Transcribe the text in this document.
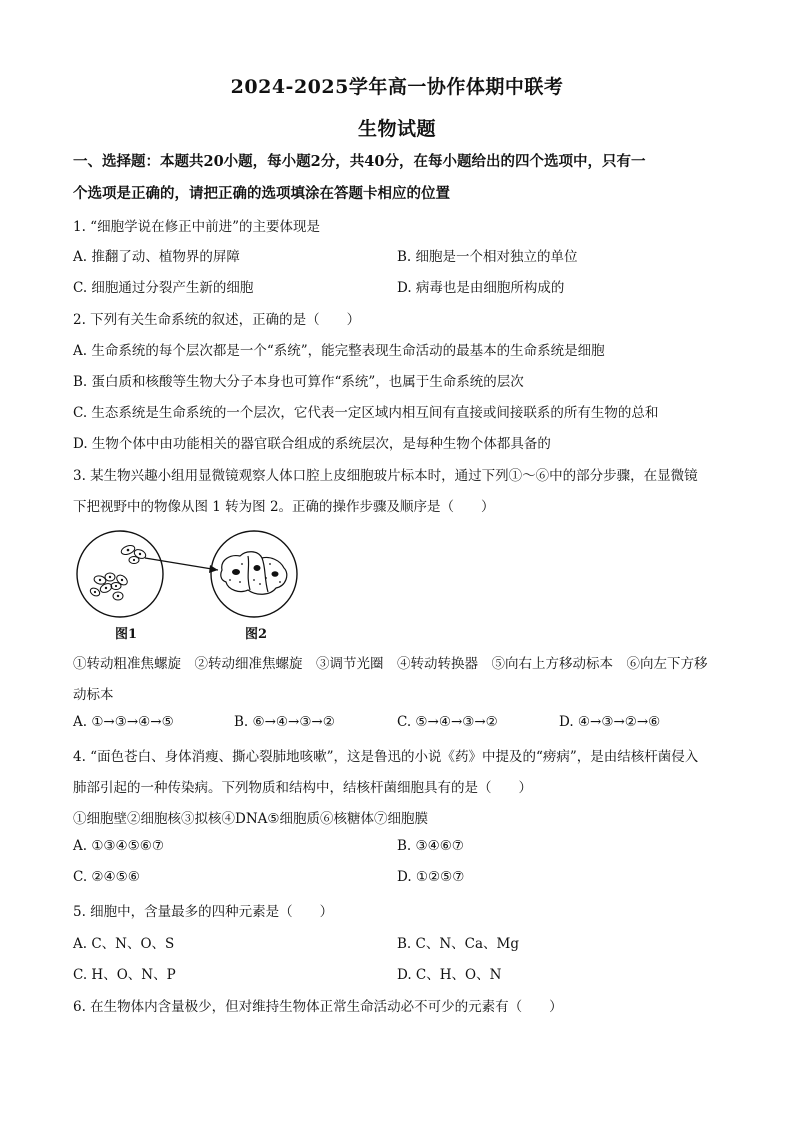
2024-2025学年高一协作体期中联考
生物试题
一、选择题：本题共20小题，每小题2分，共40分，在每小题给出的四个选项中，只有一
个选项是正确的，请把正确的选项填涂在答题卡相应的位置
1. “细胞学说在修正中前进”的主要体现是
A. 推翻了动、植物界的屏障	B. 细胞是一个相对独立的单位
C. 细胞通过分裂产生新的细胞	D. 病毒也是由细胞所构成的
2. 下列有关生命系统的叙述，正确的是（　　）
A. 生命系统的每个层次都是一个“系统”，能完整表现生命活动的最基本的生命系统是细胞
B. 蛋白质和核酸等生物大分子本身也可算作“系统”，也属于生命系统的层次
C. 生态系统是生命系统的一个层次，它代表一定区域内相互间有直接或间接联系的所有生物的总和
D. 生物个体中由功能相关的器官联合组成的系统层次，是每种生物个体都具备的
3. 某生物兴趣小组用显微镜观察人体口腔上皮细胞玻片标本时，通过下列①～⑥中的部分步骤，在显微镜
下把视野中的物像从图 1 转为图 2。正确的操作步骤及顺序是（　　）
图1	图2
①转动粗准焦螺旋　②转动细准焦螺旋　③调节光圈　④转动转换器　⑤向右上方移动标本　⑥向左下方移
动标本
A. ①→③→④→⑤	B. ⑥→④→③→②	C. ⑤→④→③→②	D. ④→③→②→⑥
4. “面色苍白、身体消瘦、撕心裂肺地咳嗽”，这是鲁迅的小说《药》中提及的“痨病”，是由结核杆菌侵入
肺部引起的一种传染病。下列物质和结构中，结核杆菌细胞具有的是（　　）
①细胞壁②细胞核③拟核④DNA⑤细胞质⑥核糖体⑦细胞膜
A. ①③④⑤⑥⑦	B. ③④⑥⑦
C. ②④⑤⑥	D. ①②⑤⑦
5. 细胞中，含量最多的四种元素是（　　）
A. C、N、O、S	B. C、N、Ca、Mg
C. H、O、N、P	D. C、H、O、N
6. 在生物体内含量极少，但对维持生物体正常生命活动必不可少的元素有（　　）
